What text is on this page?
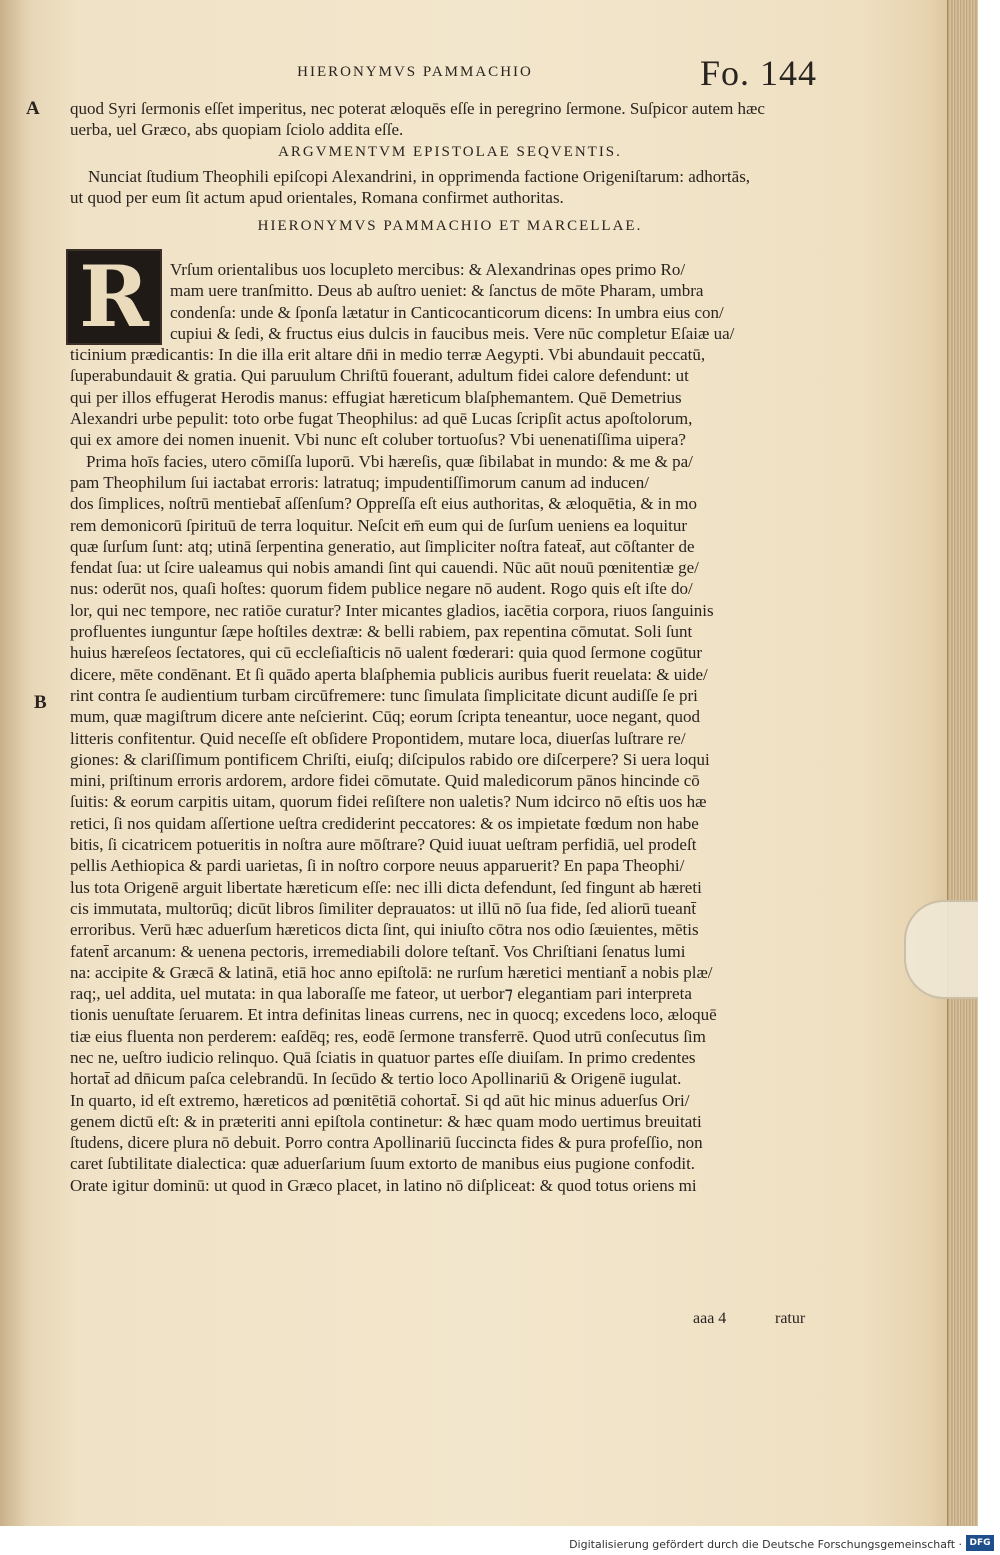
HIERONYMVS PAMMACHIO	Fo. 144
A
B
quod Syri ſermonis eſſet imperitus, nec poterat æloquēs eſſe in peregrino ſermone. Suſpicor autem hæc
uerba, uel Græco, abs quopiam ſciolo addita eſſe.
ARGVMENTVM EPISTOLAE SEQVENTIS.
Nunciat ſtudium Theophili epiſcopi Alexandrini, in opprimenda factione Origeniſtarum: adhortās,
ut quod per eum ſit actum apud orientales, Romana confirmet authoritas.
HIERONYMVS PAMMACHIO ET MARCELLAE.
R	Vrſum orientalibus uos locupleto mercibus: & Alexandrinas opes primo Ro/
mam uere tranſmitto. Deus ab auſtro ueniet: & ſanctus de mōte Pharam, umbra
condenſa: unde & ſponſa lætatur in Canticocanticorum dicens: In umbra eius con/
cupiui & ſedi, & fructus eius dulcis in faucibus meis. Vere nūc completur Eſaiæ ua/
ticinium prædicantis: In die illa erit altare dn̄i in medio terræ Aegypti. Vbi abundauit peccatū,
ſuperabundauit & gratia. Qui paruulum Chriſtū fouerant, adultum fidei calore defendunt: ut
qui per illos effugerat Herodis manus: effugiat hæreticum blaſphemantem. Quē Demetrius
Alexandri urbe pepulit: toto orbe fugat Theophilus: ad quē Lucas ſcripſit actus apoſtolorum,
qui ex amore dei nomen inuenit. Vbi nunc eſt coluber tortuoſus? Vbi uenenatiſſima uipera?
Prima hoīs facies, utero cōmiſſa luporū. Vbi hæreſis, quæ ſibilabat in mundo: & me & pa/
pam Theophilum ſui iactabat erroris: latratuq; impudentiſſimorum canum ad inducen/
dos ſimplices, noſtrū mentiebat̄ aſſenſum? Oppreſſa eſt eius authoritas, & æloquētia, & in mo
rem demonicorū ſpirituū de terra loquitur. Neſcit em̄ eum qui de ſurſum ueniens ea loquitur
quæ ſurſum ſunt: atq; utinā ſerpentina generatio, aut ſimpliciter noſtra fateat̄, aut cōſtanter de
fendat ſua: ut ſcire ualeamus qui nobis amandi ſint qui cauendi. Nūc aūt nouū pœnitentiæ ge/
nus: oderūt nos, quaſi hoſtes: quorum fidem publice negare nō audent. Rogo quis eſt iſte do/
lor, qui nec tempore, nec ratiōe curatur? Inter micantes gladios, iacētia corpora, riuos ſanguinis
profluentes iunguntur ſæpe hoſtiles dextræ: & belli rabiem, pax repentina cōmutat. Soli ſunt
huius hæreſeos ſectatores, qui cū eccleſiaſticis nō ualent fœderari: quia quod ſermone cogūtur
dicere, mēte condēnant. Et ſi quādo aperta blaſphemia publicis auribus fuerit reuelata: & uide/
rint contra ſe audientium turbam circūfremere: tunc ſimulata ſimplicitate dicunt audiſſe ſe pri
mum, quæ magiſtrum dicere ante neſcierint. Cūq; eorum ſcripta teneantur, uoce negant, quod
litteris confitentur. Quid neceſſe eſt obſidere Propontidem, mutare loca, diuerſas luſtrare re/
giones: & clariſſimum pontificem Chriſti, eiuſq; diſcipulos rabido ore diſcerpere? Si uera loqui
mini, priſtinum erroris ardorem, ardore fidei cōmutate. Quid maledicorum pānos hincinde cō
ſuitis: & eorum carpitis uitam, quorum fidei reſiſtere non ualetis? Num idcirco nō eſtis uos hæ
retici, ſi nos quidam aſſertione ueſtra crediderint peccatores: & os impietate fœdum non habe
bitis, ſi cicatricem potueritis in noſtra aure mōſtrare? Quid iuuat ueſtram perfidiā, uel prodeſt
pellis Aethiopica & pardi uarietas, ſi in noſtro corpore neuus apparuerit? En papa Theophi/
lus tota Origenē arguit libertate hæreticum eſſe: nec illi dicta defendunt, ſed fingunt ab hæreti
cis immutata, multorūq; dicūt libros ſimiliter deprauatos: ut illū nō ſua fide, ſed aliorū tueant̄
erroribus. Verū hæc aduerſum hæreticos dicta ſint, qui iniuſto cōtra nos odio ſæuientes, mētis
fatent̄ arcanum: & uenena pectoris, irremediabili dolore teſtant̄. Vos Chriſtiani ſenatus lumi
na: accipite & Græcā & latinā, etiā hoc anno epiſtolā: ne rurſum hæretici mentiant̄ a nobis plæ/
raq;, uel addita, uel mutata: in qua laboraſſe me fateor, ut uerbor⁊ elegantiam pari interpreta
tionis uenuſtate ſeruarem. Et intra definitas lineas currens, nec in quocq; excedens loco, æloquē
tiæ eius fluenta non perderem: eaſdēq; res, eodē ſermone transferrē. Quod utrū conſecutus ſim
nec ne, ueſtro iudicio relinquo. Quā ſciatis in quatuor partes eſſe diuiſam. In primo credentes
hortat̄ ad dn̄icum paſca celebrandū. In ſecūdo & tertio loco Apollinariū & Origenē iugulat.
In quarto, id eſt extremo, hæreticos ad pœnitētiā cohortat̄. Si qd aūt hic minus aduerſus Ori/
genem dictū eſt: & in præteriti anni epiſtola continetur: & hæc quam modo uertimus breuitati
ſtudens, dicere plura nō debuit. Porro contra Apollinariū ſuccincta fides & pura profeſſio, non
caret ſubtilitate dialectica: quæ aduerſarium ſuum extorto de manibus eius pugione confodit.
Orate igitur dominū: ut quod in Græco placet, in latino nō diſpliceat: & quod totus oriens mi
aaa 4	ratur
Digitalisierung gefördert durch die Deutsche Forschungsgemeinschaft · DFG
